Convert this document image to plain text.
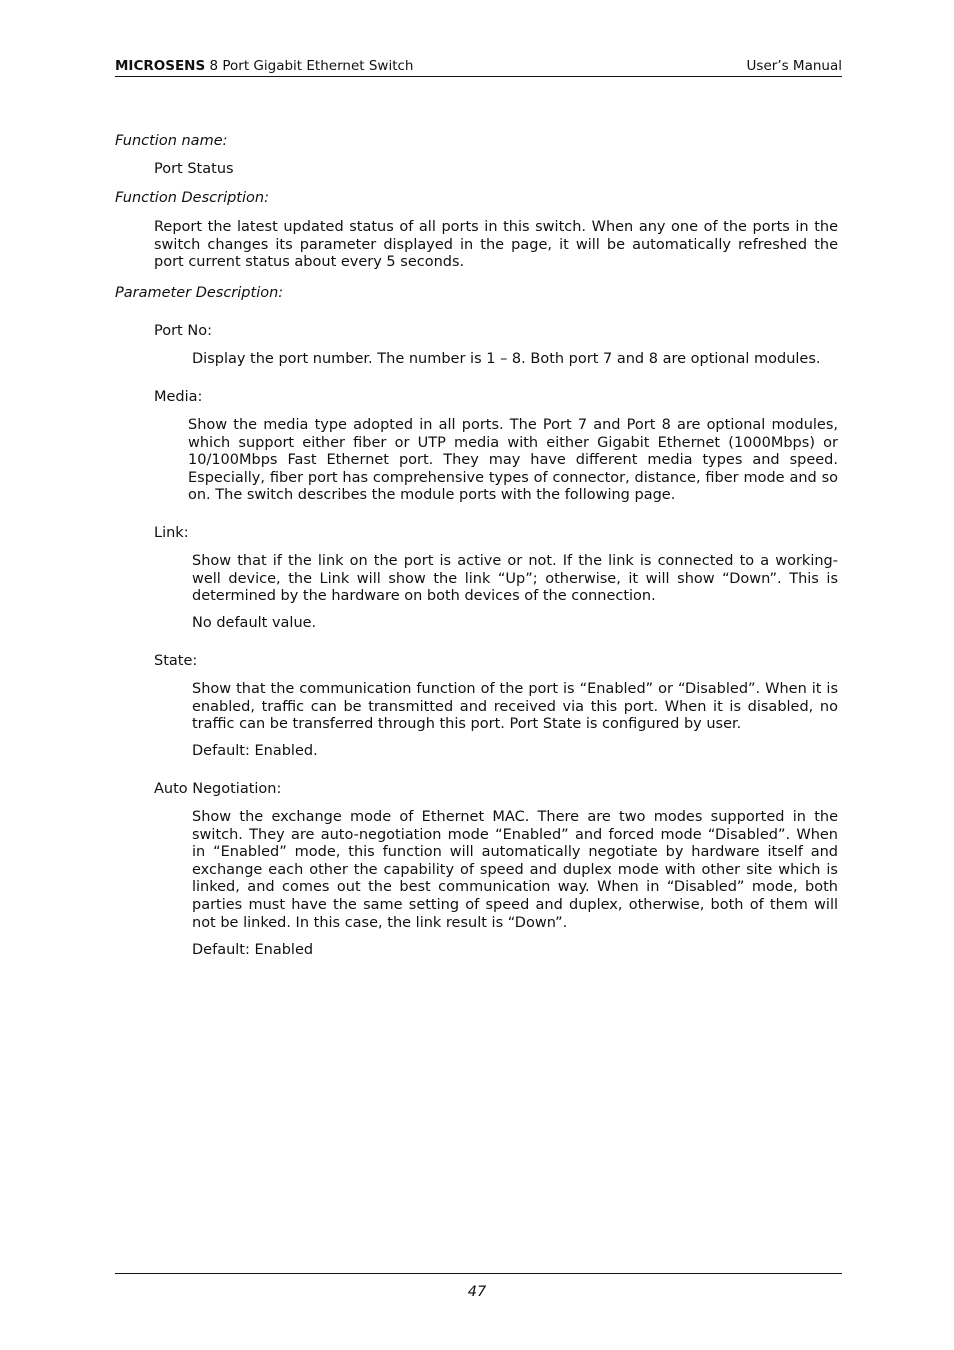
MICROSENS 8 Port Gigabit Ethernet Switch	User’s Manual

Function name:

Port Status

Function Description:

Report the latest updated status of all ports in this switch. When any one of the ports in the switch changes its parameter displayed in the page, it will be automatically refreshed the port current status about every 5 seconds.

Parameter Description:

Port No:

Display the port number. The number is 1 – 8. Both port 7 and 8 are optional modules.

Media:

Show the media type adopted in all ports. The Port 7 and Port 8 are optional modules, which support either fiber or UTP media with either Gigabit Ethernet (1000Mbps) or 10/100Mbps Fast Ethernet port. They may have different media types and speed. Especially, fiber port has comprehensive types of connector, distance, fiber mode and so on. The switch describes the module ports with the following page.

Link:

Show that if the link on the port is active or not. If the link is connected to a working-well device, the Link will show the link “Up”; otherwise, it will show “Down”. This is determined by the hardware on both devices of the connection.

No default value.

State:

Show that the communication function of the port is “Enabled” or “Disabled”. When it is enabled, traffic can be transmitted and received via this port. When it is disabled, no traffic can be transferred through this port. Port State is configured by user.

Default: Enabled.

Auto Negotiation:

Show the exchange mode of Ethernet MAC. There are two modes supported in the switch. They are auto-negotiation mode “Enabled” and forced mode “Disabled”. When in “Enabled” mode, this function will automatically negotiate by hardware itself and exchange each other the capability of speed and duplex mode with other site which is linked, and comes out the best communication way. When in “Disabled” mode, both parties must have the same setting of speed and duplex, otherwise, both of them will not be linked. In this case, the link result is “Down”.

Default: Enabled

47
